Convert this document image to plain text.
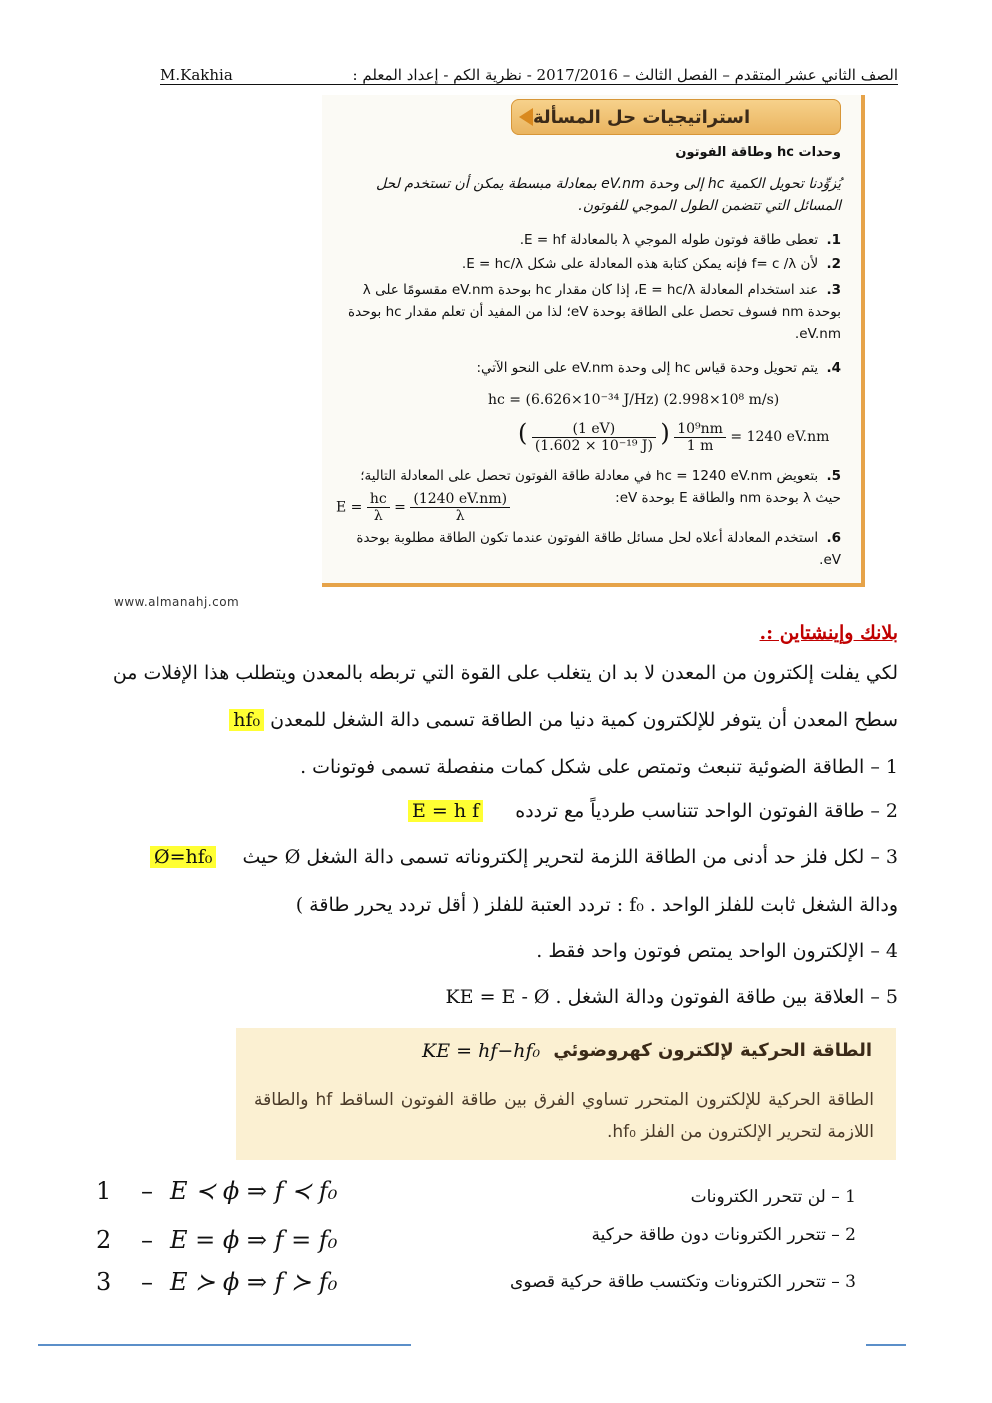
M.Kakhia	الصف الثاني عشر المتقدم – الفصل الثالث – 2017/2016 - نظرية الكم - إعداد المعلم :
استراتيجيات حل المسألة
وحدات hc وطاقة الفوتون
يُزوِّدنا تحويل الكمية hc إلى وحدة eV.nm بمعادلة مبسطة يمكن أن تستخدم لحل المسائل التي تتضمن الطول الموجي للفوتون.
1. تعطى طاقة فوتون طوله الموجي λ بالمعادلة E = hf.
2. لأن f= c /λ فإنه يمكن كتابة هذه المعادلة على شكل E = hc/λ.
3. عند استخدام المعادلة E = hc/λ، إذا كان مقدار hc بوحدة eV.nm مقسومًا على λ بوحدة nm فسوف تحصل على الطاقة بوحدة eV؛ لذا من المفيد أن تعلم مقدار hc بوحدة eV.nm.
4. يتم تحويل وحدة قياس hc إلى وحدة eV.nm على النحو الآتي:
hc = (6.626×10⁻³⁴ J/Hz) (2.998×10⁸ m/s)
( $\frac{(1 eV)}{\text{(1.602 × 10⁻¹⁹ J)}}$ ) $\frac{\text{10⁹nm}}{1 m} = 1240$ eV.nm
5. بتعويض hc = 1240 eV.nm في معادلة طاقة الفوتون تحصل على المعادلة التالية؛ حيث λ بوحدة nm والطاقة E بوحدة eV:
$E = \frac{hc}{\lambda} = \frac{(1240 eV.nm)}{\lambda}$
6. استخدم المعادلة أعلاه لحل مسائل طاقة الفوتون عندما تكون الطاقة مطلوبة بوحدة eV.
www.almanahj.com
بلانك وإينشتاين :.
لكي يفلت إلكترون من المعدن لا بد ان يتغلب على القوة التي تربطه بالمعدن ويتطلب هذا الإفلات من
سطح المعدن أن يتوفر للإلكترون كمية دنيا من الطاقة تسمى دالة الشغل للمعدن hf₀
1 – الطاقة الضوئية تنبعث وتمتص على شكل كمات منفصلة تسمى فوتونات .
2 – طاقة الفوتون الواحد تتناسب طردياً مع تردده  E = h f
3 – لكل فلز حد أدنى من الطاقة اللزمة لتحرير إلكتروناته تسمى دالة الشغل Ø حيث  Ø=hf₀
ودالة الشغل ثابت للفلز الواحد . f₀ : تردد العتبة للفلز ( أقل تردد يحرر طاقة )
4 – الإلكترون الواحد يمتص فوتون واحد فقط .
5 – العلاقة بين طاقة الفوتون ودالة الشغل . KE = E - Ø
KE = hf−hf₀ الطاقة الحركية لإلكترون كهروضوئي
الطاقة الحركية للإلكترون المتحرر تساوي الفرق بين طاقة الفوتون الساقط hf والطاقة اللازمة لتحرير الإلكترون من الفلز hf₀.
1 – E ≺ ϕ ⇒ f ≺ f₀	1 – لن تتحرر الكترونات
2 – E = ϕ ⇒ f = f₀	2 – تتحرر الكترونات دون طاقة حركية
3 – E ≻ ϕ ⇒ f ≻ f₀	3 – تتحرر الكترونات وتكتسب طاقة حركية قصوى
